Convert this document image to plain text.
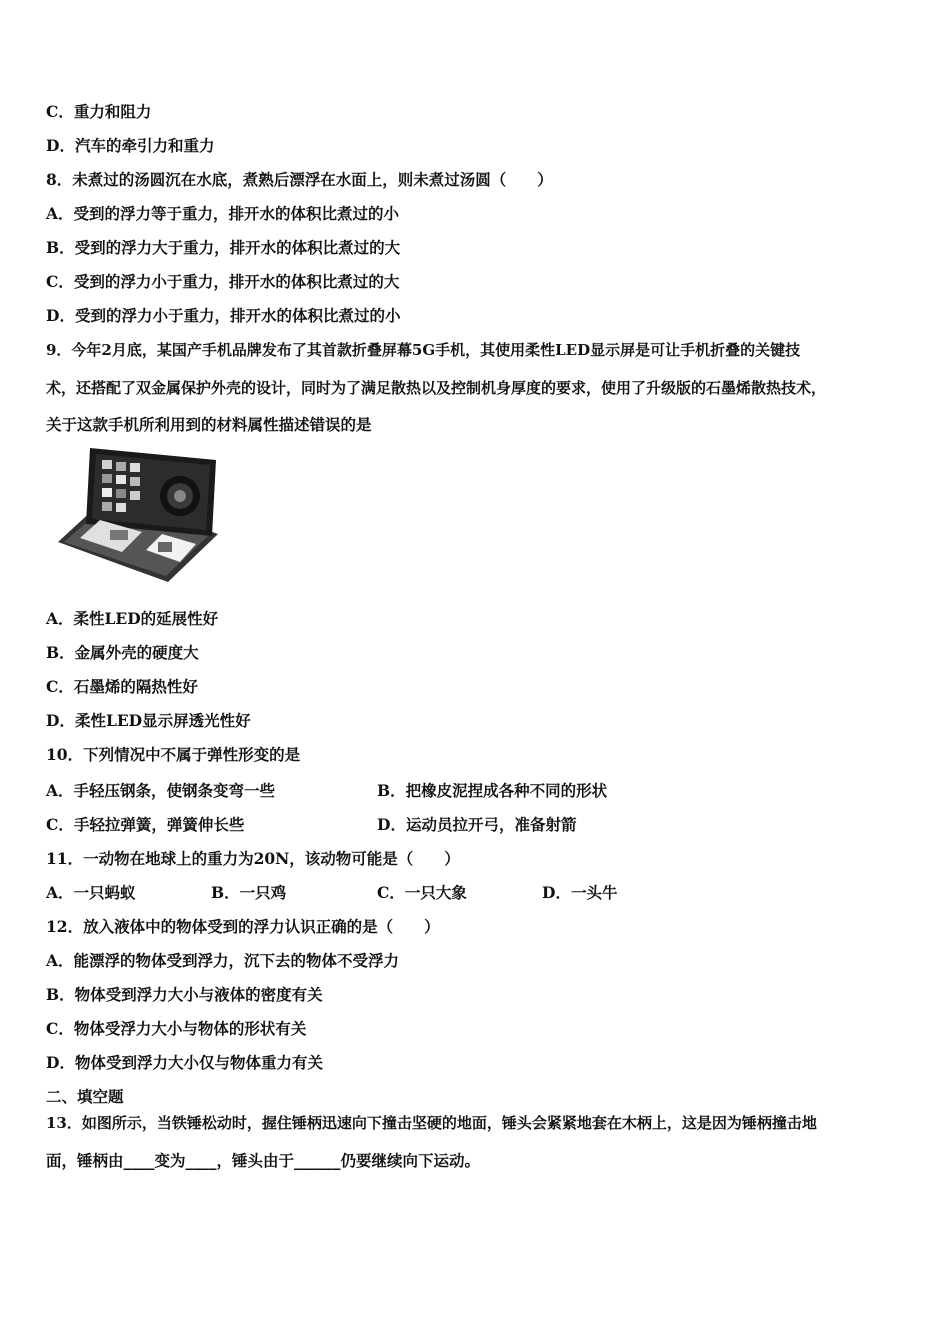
C．重力和阻力
D．汽车的牵引力和重力
8．未煮过的汤圆沉在水底，煮熟后漂浮在水面上，则未煮过汤圆（　　）
A．受到的浮力等于重力，排开水的体积比煮过的小
B．受到的浮力大于重力，排开水的体积比煮过的大
C．受到的浮力小于重力，排开水的体积比煮过的大
D．受到的浮力小于重力，排开水的体积比煮过的小
9．今年2月底，某国产手机品牌发布了其首款折叠屏幕5G手机，其使用柔性LED显示屏是可让手机折叠的关键技
术，还搭配了双金属保护外壳的设计，同时为了满足散热以及控制机身厚度的要求，使用了升级版的石墨烯散热技术，
关于这款手机所利用到的材料属性描述错误的是
A．柔性LED的延展性好
B．金属外壳的硬度大
C．石墨烯的隔热性好
D．柔性LED显示屏透光性好
10．下列情况中不属于弹性形变的是
A．手轻压钢条，使钢条变弯一些	B．把橡皮泥捏成各种不同的形状
C．手轻拉弹簧，弹簧伸长些	D．运动员拉开弓，准备射箭
11．一动物在地球上的重力为20N，该动物可能是（　　）
A．一只蚂蚁	B．一只鸡	C．一只大象	D．一头牛
12．放入液体中的物体受到的浮力认识正确的是（　　）
A．能漂浮的物体受到浮力，沉下去的物体不受浮力
B．物体受到浮力大小与液体的密度有关
C．物体受浮力大小与物体的形状有关
D．物体受到浮力大小仅与物体重力有关
二、填空题
13．如图所示，当铁锤松动时，握住锤柄迅速向下撞击坚硬的地面，锤头会紧紧地套在木柄上，这是因为锤柄撞击地
面，锤柄由____变为____，锤头由于______仍要继续向下运动。
